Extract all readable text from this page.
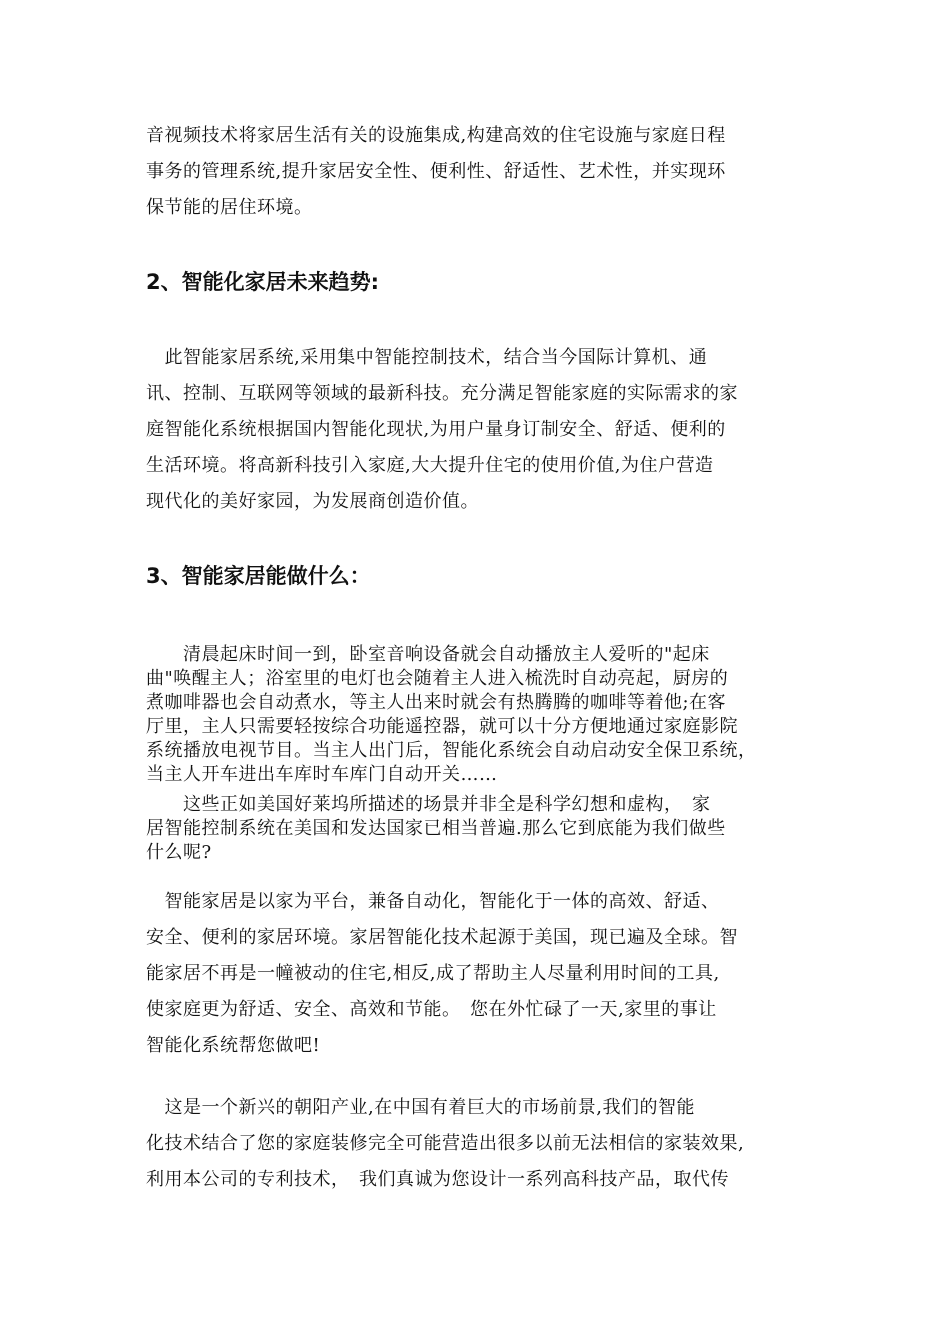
音视频技术将家居生活有关的设施集成,构建高效的住宅设施与家庭日程
事务的管理系统,提升家居安全性、便利性、舒适性、艺术性，并实现环
保节能的居住环境。
2、智能化家居未来趋势:
　此智能家居系统,采用集中智能控制技术，结合当今国际计算机、通
讯、控制、互联网等领域的最新科技。充分满足智能家庭的实际需求的家
庭智能化系统根据国内智能化现状,为用户量身订制安全、舒适、便利的
生活环境。将高新科技引入家庭,大大提升住宅的使用价值,为住户营造
现代化的美好家园，为发展商创造价值。
3、智能家居能做什么：
　　清晨起床时间一到，卧室音响设备就会自动播放主人爱听的"起床
曲"唤醒主人；浴室里的电灯也会随着主人进入梳洗时自动亮起，厨房的
煮咖啡器也会自动煮水，等主人出来时就会有热腾腾的咖啡等着他;在客
厅里，主人只需要轻按综合功能遥控器，就可以十分方便地通过家庭影院
系统播放电视节目。当主人出门后，智能化系统会自动启动安全保卫系统，
当主人开车进出车库时车库门自动开关……
　　这些正如美国好莱坞所描述的场景并非全是科学幻想和虚构，　家
居智能控制系统在美国和发达国家已相当普遍.那么它到底能为我们做些
什么呢?
　智能家居是以家为平台，兼备自动化，智能化于一体的高效、舒适、
安全、便利的家居环境。家居智能化技术起源于美国，现已遍及全球。智
能家居不再是一幢被动的住宅,相反,成了帮助主人尽量利用时间的工具,
使家庭更为舒适、安全、高效和节能。　您在外忙碌了一天,家里的事让
智能化系统帮您做吧!
　这是一个新兴的朝阳产业,在中国有着巨大的市场前景,我们的智能
化技术结合了您的家庭装修完全可能营造出很多以前无法相信的家装效果,
利用本公司的专利技术，　我们真诚为您设计一系列高科技产品，取代传
